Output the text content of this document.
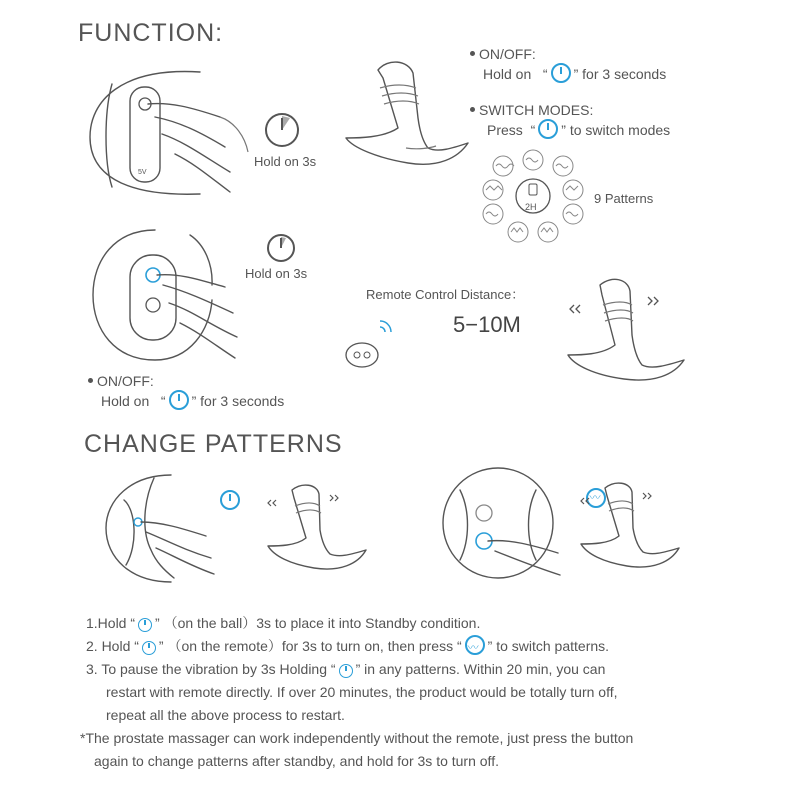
FUNCTION:
5V
Hold on 3s
ON/OFF:
Hold on   “ ” for 3 seconds
SWITCH MODES:
Press  “ ” to switch modes
2H
9 Patterns
Hold on 3s
Remote Control Distance：
5−10M
ON/OFF:
Hold on   “ ” for 3 seconds
CHANGE PATTERNS

〰
1.Hold “ ” （on the ball）3s to place it into Standby condition.
2. Hold “ ” （on the remote）for 3s to turn on, then press “〰 ” to switch patterns.
3. To pause the vibration by 3s Holding “ ” in any patterns. Within 20 min, you can
restart with remote directly. If over 20 minutes, the product would be totally turn off,
repeat all the above process to restart.
*The prostate massager can work independently without the remote, just press the button
again to change patterns after standby, and hold for 3s to turn off.
